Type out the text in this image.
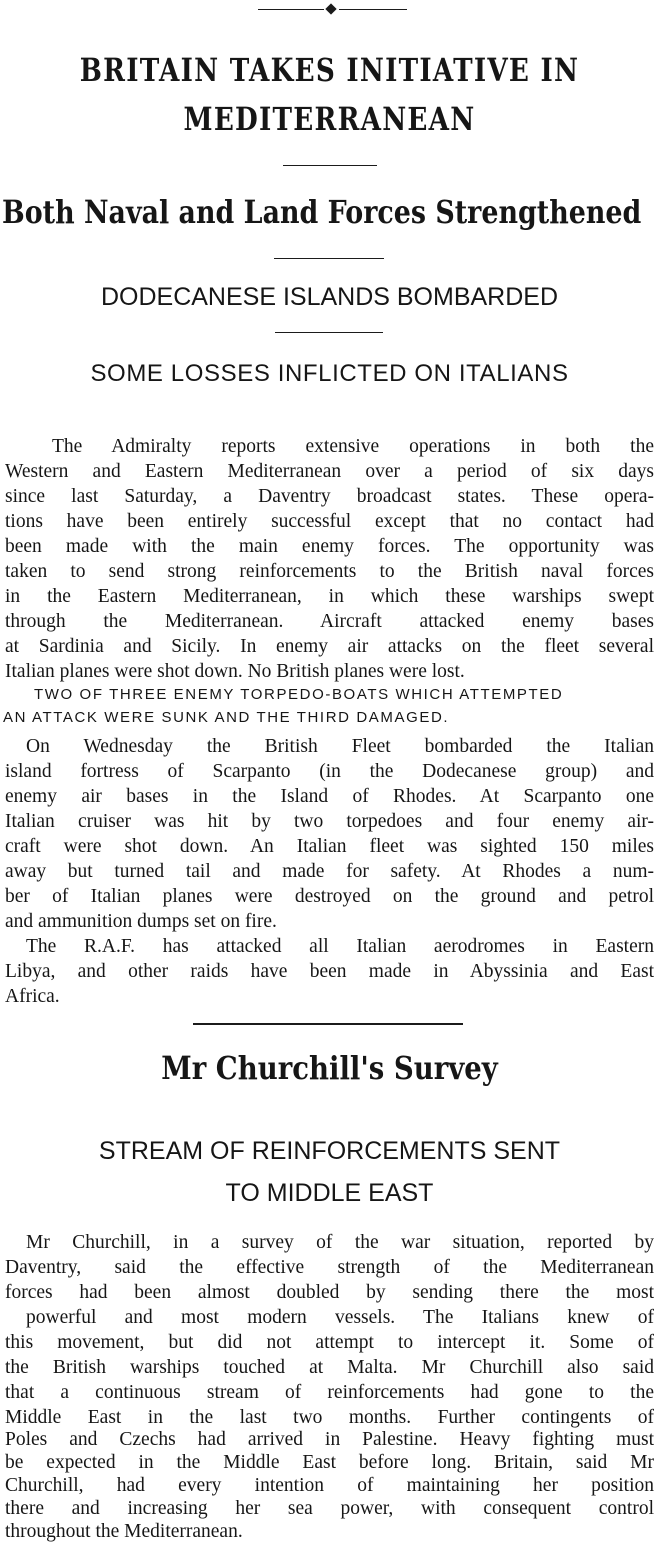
BRITAIN TAKES INITIATIVE IN
MEDITERRANEAN
Both Naval and Land Forces Strengthened
DODECANESE ISLANDS BOMBARDED
SOME LOSSES INFLICTED ON ITALIANS
The Admiralty reports extensive operations in both the
Western and Eastern Mediterranean over a period of six days
since last Saturday, a Daventry broadcast states. These opera-
tions have been entirely successful except that no contact had
been made with the main enemy forces. The opportunity was
taken to send strong reinforcements to the British naval forces
in the Eastern Mediterranean, in which these warships swept
through the Mediterranean. Aircraft attacked enemy bases
at Sardinia and Sicily. In enemy air attacks on the fleet several
Italian planes were shot down. No British planes were lost.
TWO OF THREE ENEMY TORPEDO-BOATS WHICH ATTEMPTED
AN ATTACK WERE SUNK AND THE THIRD DAMAGED.
On Wednesday the British Fleet bombarded the Italian
island fortress of Scarpanto (in the Dodecanese group) and
enemy air bases in the Island of Rhodes. At Scarpanto one
Italian cruiser was hit by two torpedoes and four enemy air-
craft were shot down. An Italian fleet was sighted 150 miles
away but turned tail and made for safety. At Rhodes a num-
ber of Italian planes were destroyed on the ground and petrol
and ammunition dumps set on fire.
The R.A.F. has attacked all Italian aerodromes in Eastern
Libya, and other raids have been made in Abyssinia and East
Africa.
Mr Churchill's Survey
STREAM OF REINFORCEMENTS SENT
TO MIDDLE EAST
Mr Churchill, in a survey of the war situation, reported by
Daventry, said the effective strength of the Mediterranean
forces had been almost doubled by sending there the most
powerful and most modern vessels. The Italians knew of
this movement, but did not attempt to intercept it. Some of
the British warships touched at Malta. Mr Churchill also said
that a continuous stream of reinforcements had gone to the
Middle East in the last two months. Further contingents of
Poles and Czechs had arrived in Palestine. Heavy fighting must
be expected in the Middle East before long. Britain, said Mr
Churchill, had every intention of maintaining her position
there and increasing her sea power, with consequent control
throughout the Mediterranean.
